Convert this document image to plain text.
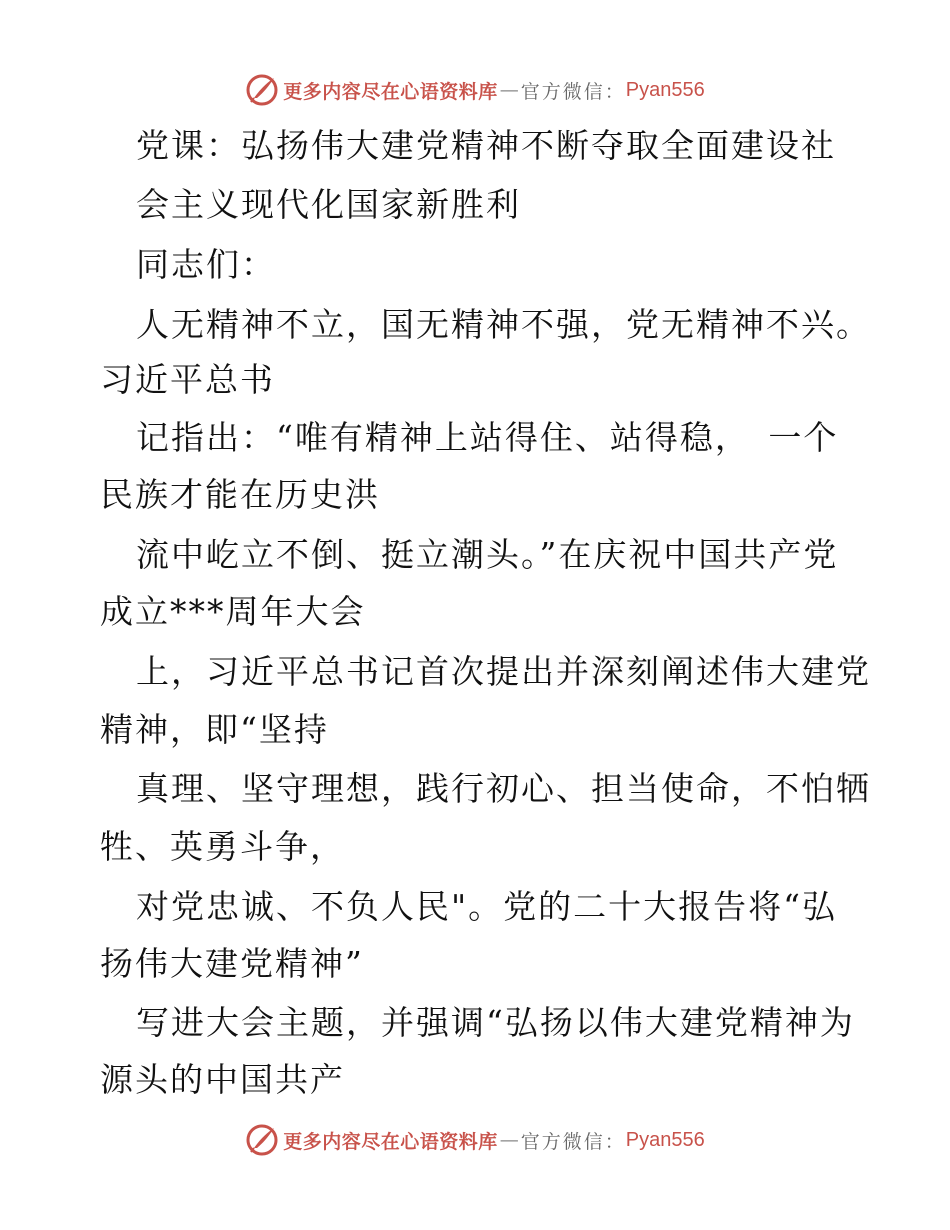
更多内容尽在心语资料库 — 官方微信： Pyan556
党课：弘扬伟大建党精神不断夺取全面建设社
会主义现代化国家新胜利
同志们：
人无精神不立，国无精神不强，党无精神不兴。
习近平总书
记指出：“唯有精神上站得住、站得稳，　一个
民族才能在历史洪
流中屹立不倒、挺立潮头。”在庆祝中国共产党
成立***周年大会
上，习近平总书记首次提出并深刻阐述伟大建党
精神，即“坚持
真理、坚守理想，践行初心、担当使命，不怕牺
牲、英勇斗争，
对党忠诚、不负人民"。党的二十大报告将“弘
扬伟大建党精神”
写进大会主题，并强调“弘扬以伟大建党精神为
源头的中国共产
更多内容尽在心语资料库 — 官方微信： Pyan556
